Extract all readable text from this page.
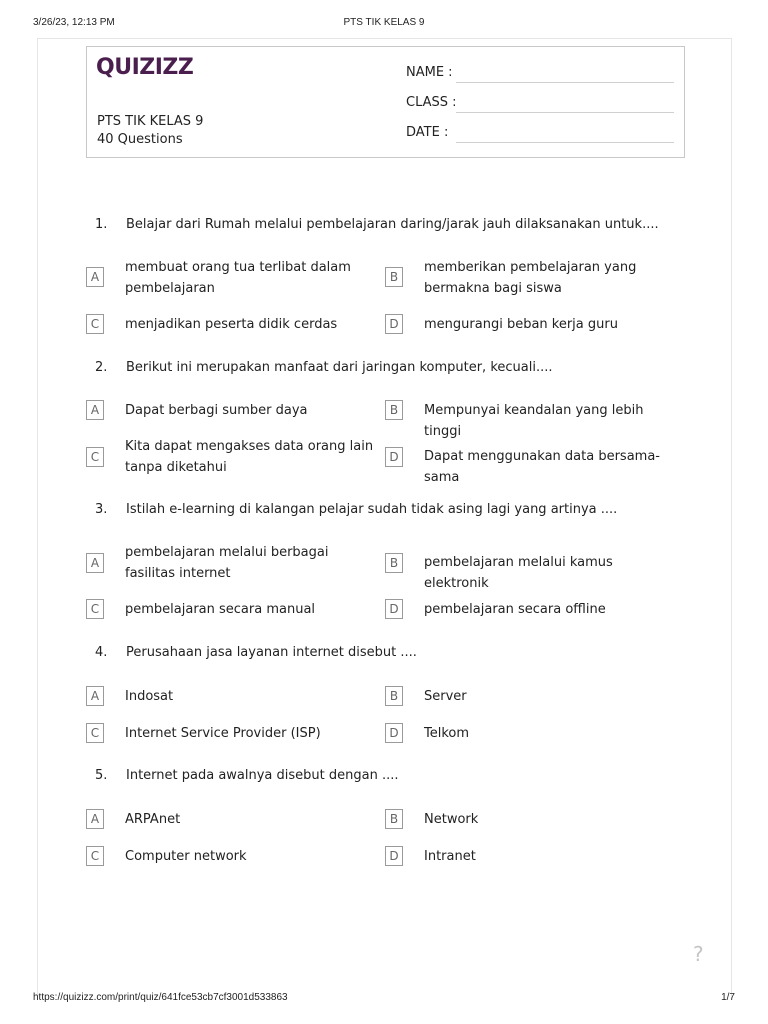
3/26/23, 12:13 PM	PTS TIK KELAS 9
QUIZIZZ
PTS TIK KELAS 9
40 Questions
NAME :
CLASS :
DATE :
1.	Belajar dari Rumah melalui pembelajaran daring/jarak jauh dilaksanakan untuk....
A
membuat orang tua terlibat dalam pembelajaran
B
memberikan pembelajaran yang bermakna bagi siswa
C	menjadikan peserta didik cerdas	D	mengurangi beban kerja guru
2.	Berikut ini merupakan manfaat dari jaringan komputer, kecuali....
A	Dapat berbagi sumber daya	B	Mempunyai keandalan yang lebih tinggi
C
Kita dapat mengakses data orang lain tanpa diketahui
D	Dapat menggunakan data bersama-sama
3.	Istilah e-learning di kalangan pelajar sudah tidak asing lagi yang artinya ....
A
pembelajaran melalui berbagai fasilitas internet
B	pembelajaran melalui kamus elektronik
C	pembelajaran secara manual	D	pembelajaran secara offline
4.	Perusahaan jasa layanan internet disebut ....
A	Indosat	B	Server
C	Internet Service Provider (ISP)	D	Telkom
5.	Internet pada awalnya disebut dengan ....
A	ARPAnet	B	Network
C	Computer network	D	Intranet
?
https://quizizz.com/print/quiz/641fce53cb7cf3001d533863	1/7
